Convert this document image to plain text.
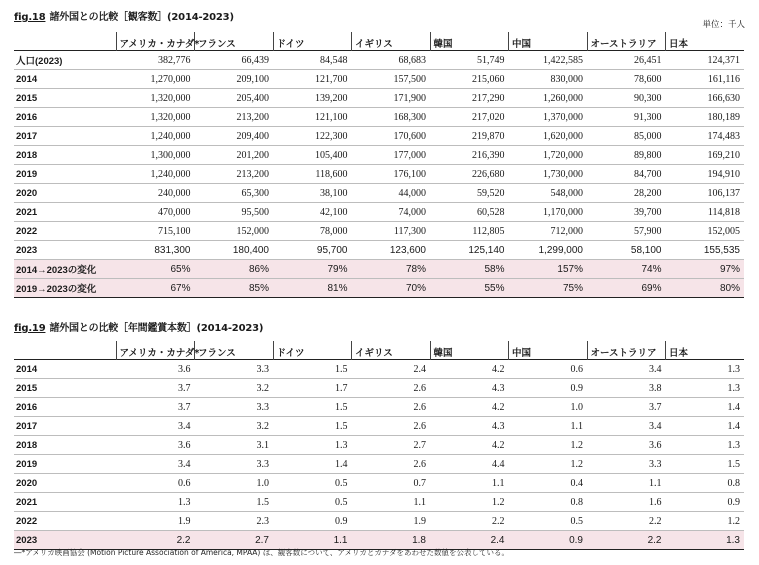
fig.18 諸外国との比較［観客数］(2014-2023)
単位：千人
	アメリカ・カナダ*	フランス	ドイツ	イギリス	韓国	中国	オーストラリア	日本
人口(2023)	382,776	66,439	84,548	68,683	51,749	1,422,585	26,451	124,371
2014	1,270,000	209,100	121,700	157,500	215,060	830,000	78,600	161,116
2015	1,320,000	205,400	139,200	171,900	217,290	1,260,000	90,300	166,630
2016	1,320,000	213,200	121,100	168,300	217,020	1,370,000	91,300	180,189
2017	1,240,000	209,400	122,300	170,600	219,870	1,620,000	85,000	174,483
2018	1,300,000	201,200	105,400	177,000	216,390	1,720,000	89,800	169,210
2019	1,240,000	213,200	118,600	176,100	226,680	1,730,000	84,700	194,910
2020	240,000	65,300	38,100	44,000	59,520	548,000	28,200	106,137
2021	470,000	95,500	42,100	74,000	60,528	1,170,000	39,700	114,818
2022	715,100	152,000	78,000	117,300	112,805	712,000	57,900	152,005
2023	831,300	180,400	95,700	123,600	125,140	1,299,000	58,100	155,535
2014→2023の変化	65%	86%	79%	78%	58%	157%	74%	97%
2019→2023の変化	67%	85%	81%	70%	55%	75%	69%	80%
fig.19 諸外国との比較［年間鑑賞本数］(2014-2023)
	アメリカ・カナダ*	フランス	ドイツ	イギリス	韓国	中国	オーストラリア	日本
2014	3.6	3.3	1.5	2.4	4.2	0.6	3.4	1.3
2015	3.7	3.2	1.7	2.6	4.3	0.9	3.8	1.3
2016	3.7	3.3	1.5	2.6	4.2	1.0	3.7	1.4
2017	3.4	3.2	1.5	2.6	4.3	1.1	3.4	1.4
2018	3.6	3.1	1.3	2.7	4.2	1.2	3.6	1.3
2019	3.4	3.3	1.4	2.6	4.4	1.2	3.3	1.5
2020	0.6	1.0	0.5	0.7	1.1	0.4	1.1	0.8
2021	1.3	1.5	0.5	1.1	1.2	0.8	1.6	0.9
2022	1.9	2.3	0.9	1.9	2.2	0.5	2.2	1.2
2023	2.2	2.7	1.1	1.8	2.4	0.9	2.2	1.3
―*アメリカ映画協会 (Motion Picture Association of America, MPAA) は、観客数について、アメリカとカナダをあわせた数値を公表している。
